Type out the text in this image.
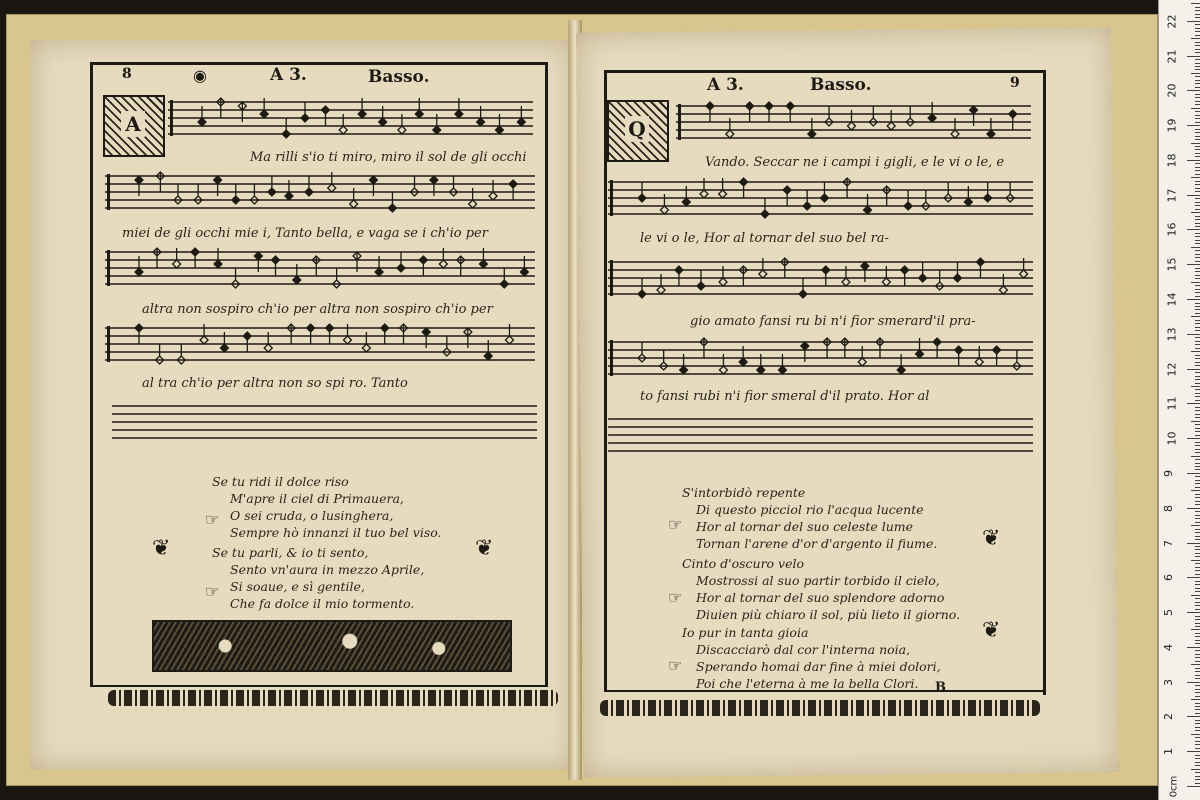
8	◉	A 3.	Basso.	A 3.	Basso.	9
A	Q
Ma rilli s'io ti miro, miro il sol de gli occhi
miei de gli occhi mie i, Tanto bella, e vaga se i ch'io per
altra non sospiro ch'io per altra non sospiro ch'io per
al tra ch'io per altra non so spi ro. Tanto
Vando. Seccar ne i campi i gigli, e le vi o le, e
le vi o le, Hor al tornar del suo bel ra-
gio amato fansi ru bi n'i fior smerard'il pra-
to fansi rubi n'i fior smeral d'il prato. Hor al
Se tu ridi il dolce riso
M'apre il ciel di Primauera,
O sei cruda, o lusinghera,
Sempre hò innanzi il tuo bel viso.
Se tu parli, & io ti sento,
Sento vn'aura in mezzo Aprile,
Si soaue, e sì gentile,
Che fa dolce il mio tormento.
☞
☞
❦	❦
S'intorbidò repente
Di questo picciol rio l'acqua lucente
Hor al tornar del suo celeste lume
Tornan l'arene d'or d'argento il fiume.
Cinto d'oscuro velo
Mostrossi al suo partir torbido il cielo,
Hor al tornar del suo splendore adorno
Diuien più chiaro il sol, più lieto il giorno.
Io pur in tanta gioia
Discacciarò dal cor l'interna noia,
Sperando homai dar fine à miei dolori,
Poi che l'eterna à me la bella Clori.
☞
☞
☞
❦
❦
B
0cm
1
2
3
4
5
6
7
8
9
10
11
12
13
14
15
16
17
18
19
20
21
22
